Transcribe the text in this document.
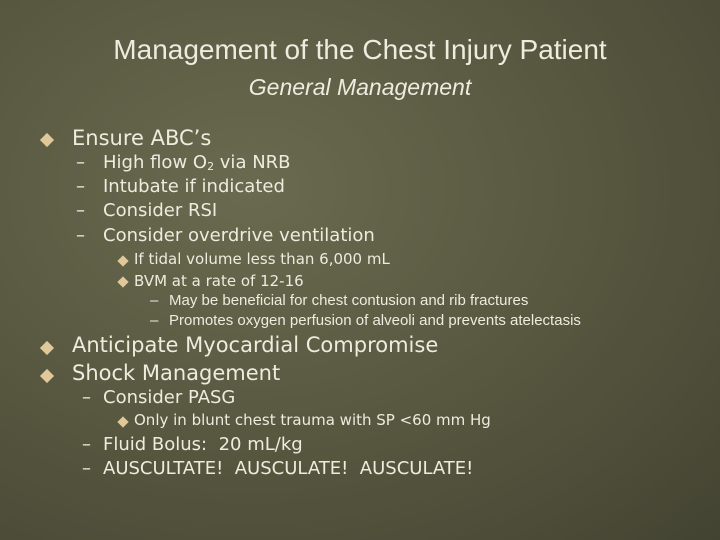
Management of the Chest Injury Patient
General Management
Ensure ABC’s
– High flow $O_2$ via NRB
– Intubate if indicated
– Consider RSI
– Consider overdrive ventilation
If tidal volume less than 6,000 mL
BVM at a rate of 12-16
– May be beneficial for chest contusion and rib fractures
– Promotes oxygen perfusion of alveoli and prevents atelectasis
Anticipate Myocardial Compromise
Shock Management
– Consider PASG
Only in blunt chest trauma with SP <60 mm Hg
– Fluid Bolus:  20 mL/kg
– AUSCULTATE!  AUSCULATE!  AUSCULATE!
